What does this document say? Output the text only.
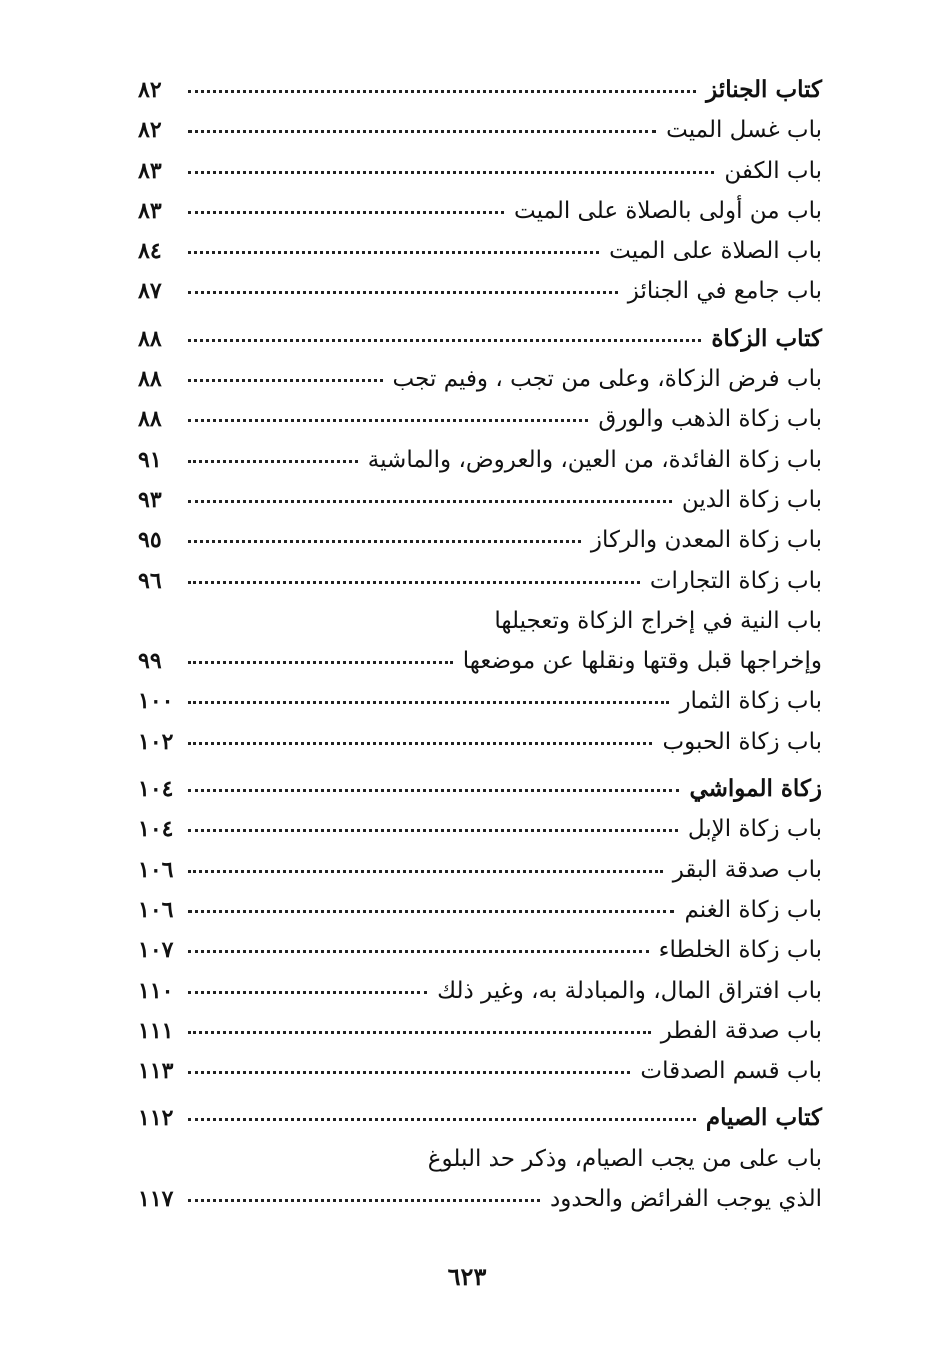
كتاب الجنائز
٨٢
باب غسل الميت
٨٢
باب الكفن
٨٣
باب من أولى بالصلاة على الميت
٨٣
باب الصلاة على الميت
٨٤
باب جامع في الجنائز
٨٧
كتاب الزكاة
٨٨
باب فرض الزكاة، وعلى من تجب ، وفيم تجب
٨٨
باب زكاة الذهب والورق
٨٨
باب زكاة الفائدة، من العين، والعروض، والماشية
٩١
باب زكاة الدين
٩٣
باب زكاة المعدن والركاز
٩٥
باب زكاة التجارات
٩٦
باب النية في إخراج الزكاة وتعجيلها
وإخراجها قبل وقتها ونقلها عن موضعها
٩٩
باب زكاة الثمار
١٠٠
باب زكاة الحبوب
١٠٢
زكاة المواشي
١٠٤
باب زكاة الإبل
١٠٤
باب صدقة البقر
١٠٦
باب زكاة الغنم
١٠٦
باب زكاة الخلطاء
١٠٧
باب افتراق المال، والمبادلة به، وغير ذلك
١١٠
باب صدقة الفطر
١١١
باب قسم الصدقات
١١٣
كتاب الصيام
١١٢
باب على من يجب الصيام، وذكر حد البلوغ
الذي يوجب الفرائض والحدود
١١٧
٦٢٣
